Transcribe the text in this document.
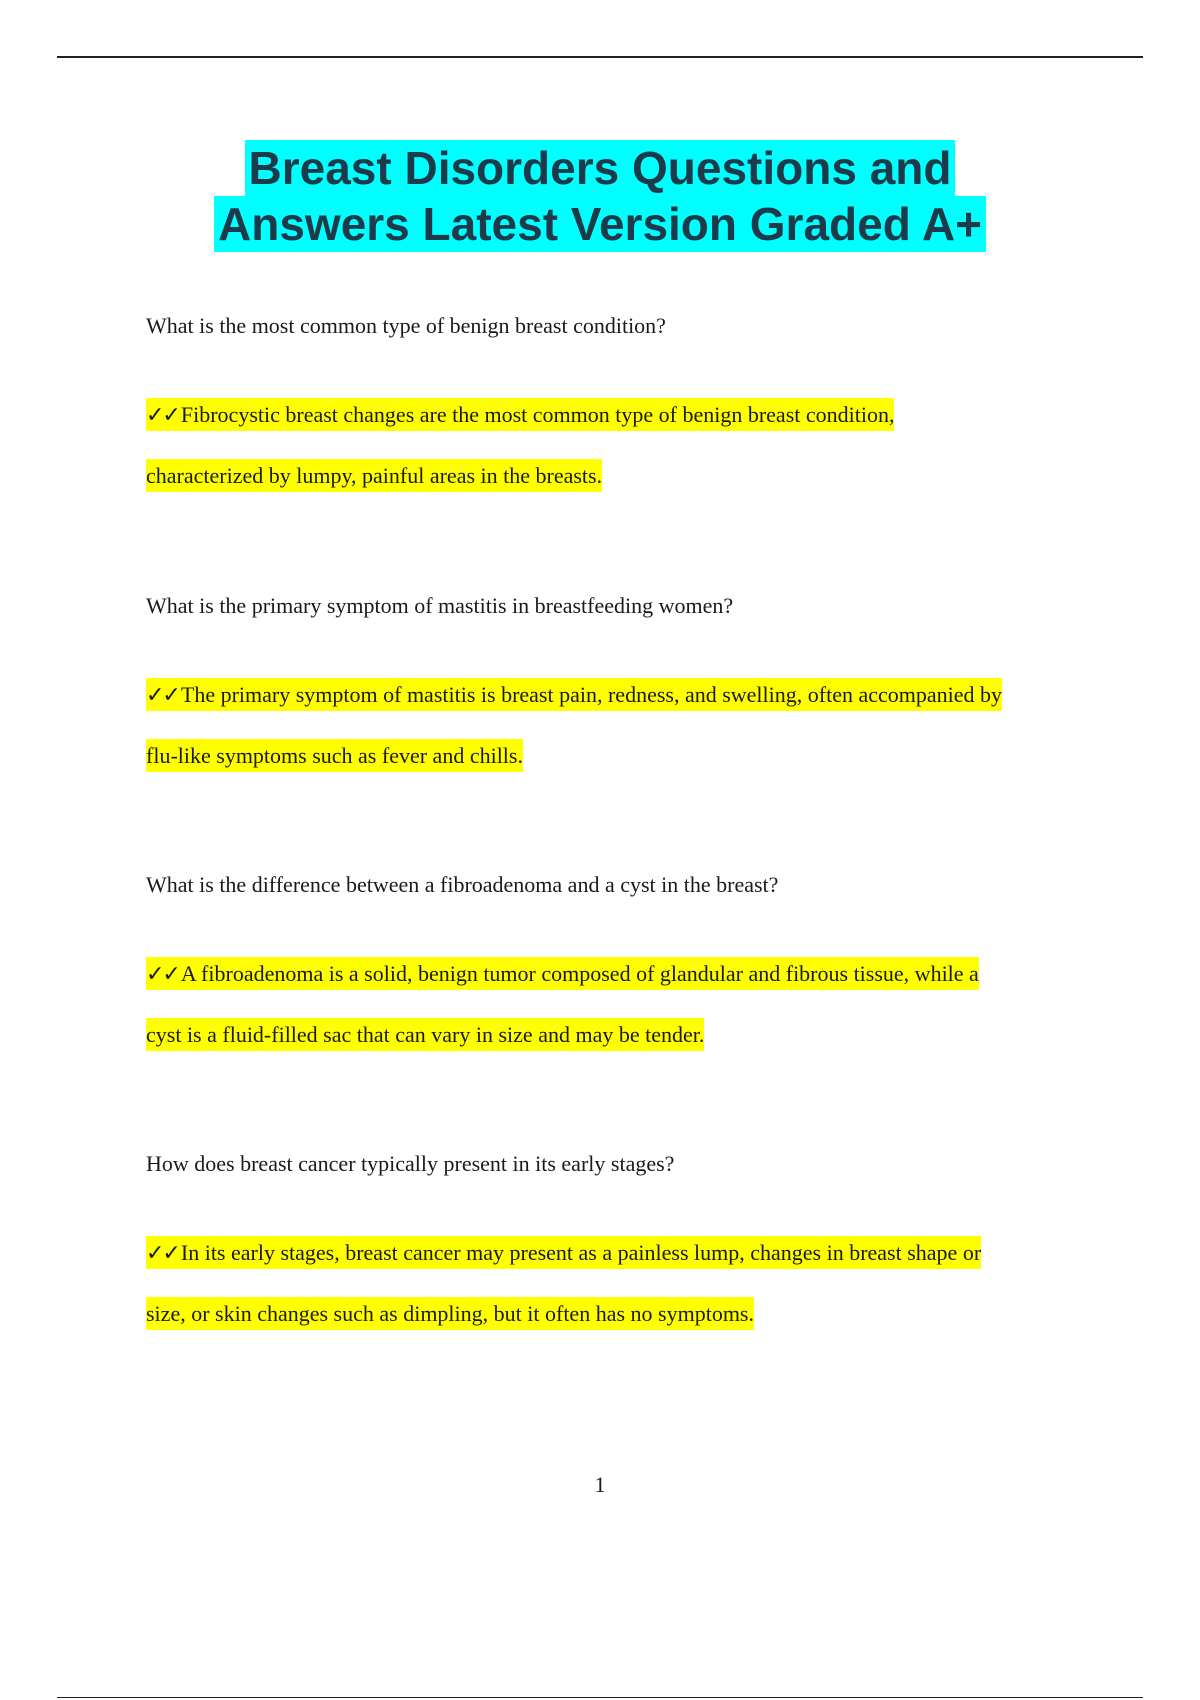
Breast Disorders Questions and
Answers Latest Version Graded A+

What is the most common type of benign breast condition?

✓✓Fibrocystic breast changes are the most common type of benign breast condition,
characterized by lumpy, painful areas in the breasts.

What is the primary symptom of mastitis in breastfeeding women?

✓✓The primary symptom of mastitis is breast pain, redness, and swelling, often accompanied by
flu-like symptoms such as fever and chills.

What is the difference between a fibroadenoma and a cyst in the breast?

✓✓A fibroadenoma is a solid, benign tumor composed of glandular and fibrous tissue, while a
cyst is a fluid-filled sac that can vary in size and may be tender.

How does breast cancer typically present in its early stages?

✓✓In its early stages, breast cancer may present as a painless lump, changes in breast shape or
size, or skin changes such as dimpling, but it often has no symptoms.
1
